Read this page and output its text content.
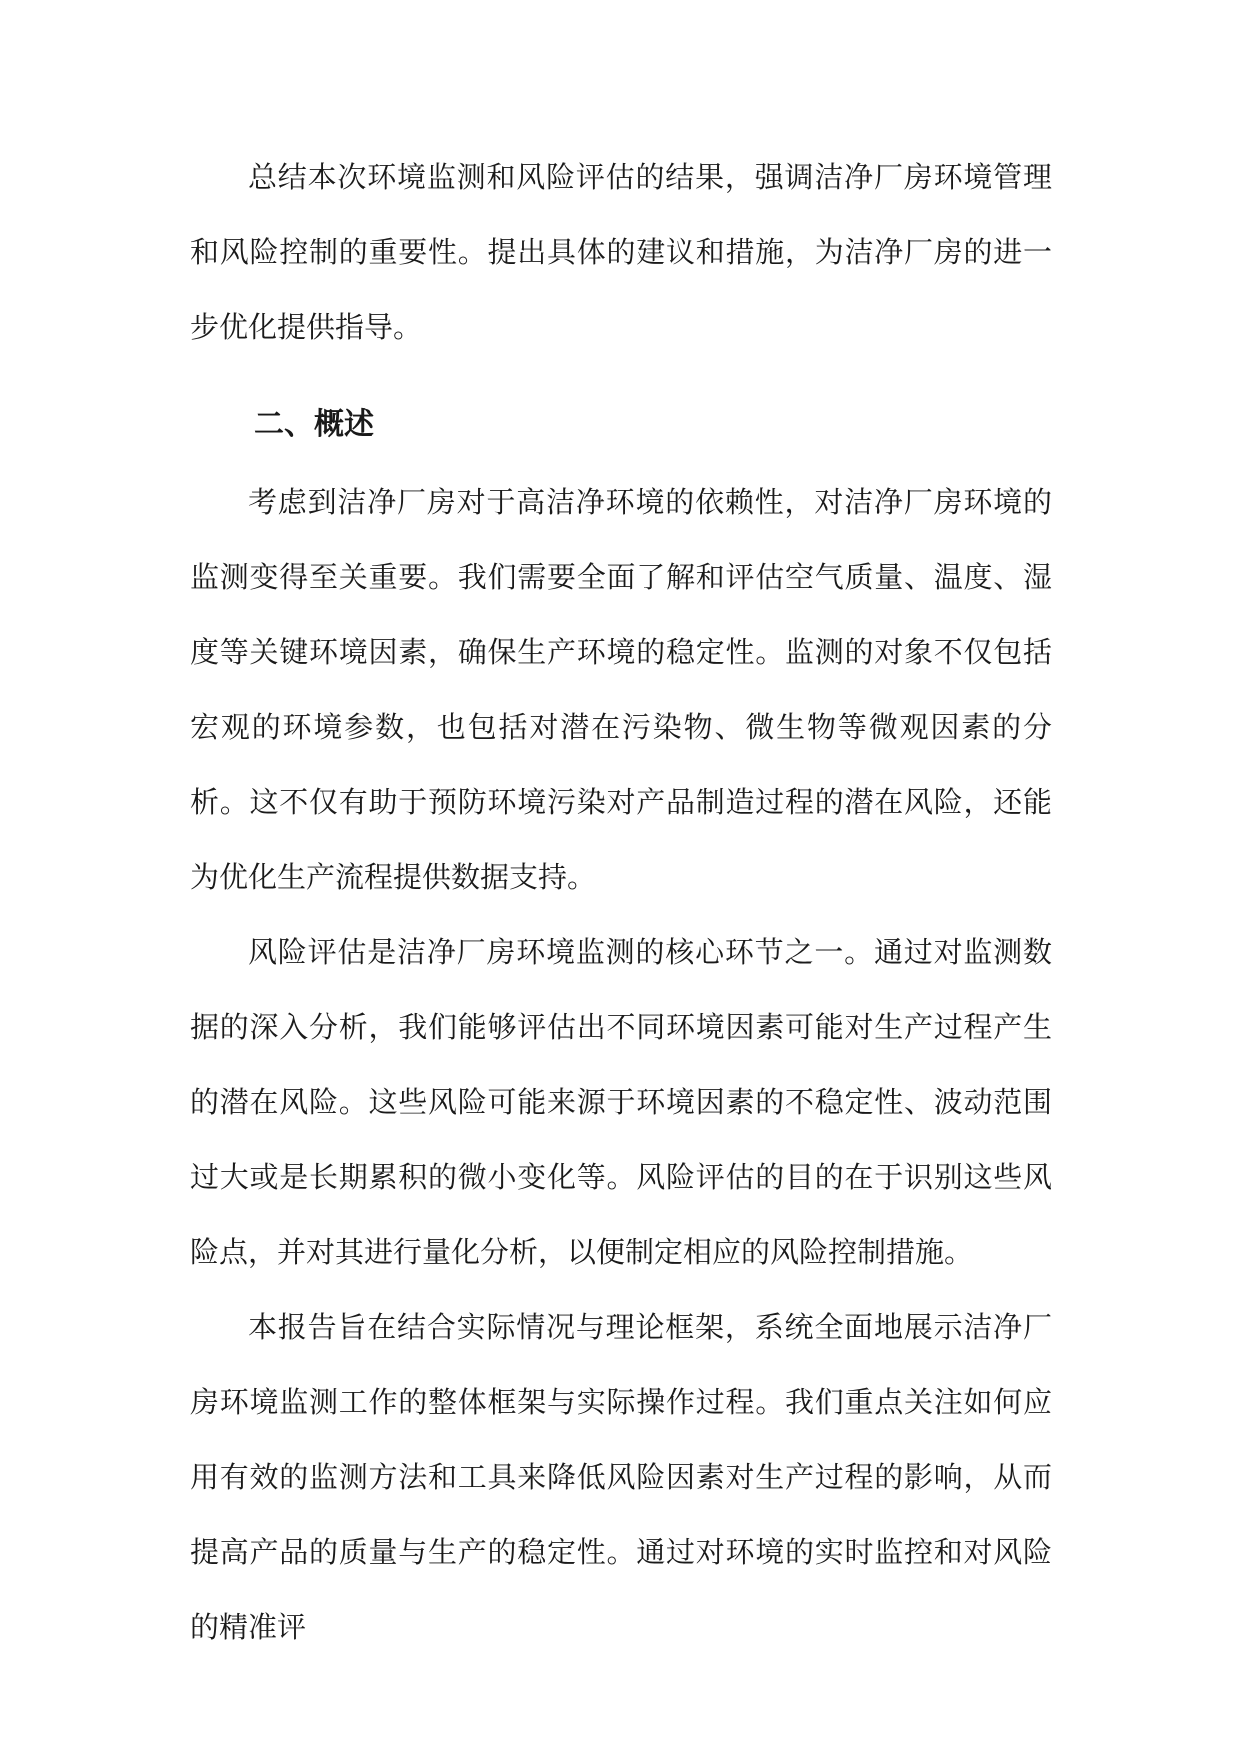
总结本次环境监测和风险评估的结果，强调洁净厂房环境管理和风险控制的重要性。提出具体的建议和措施，为洁净厂房的进一步优化提供指导。

二、概述

考虑到洁净厂房对于高洁净环境的依赖性，对洁净厂房环境的监测变得至关重要。我们需要全面了解和评估空气质量、温度、湿度等关键环境因素，确保生产环境的稳定性。监测的对象不仅包括宏观的环境参数，也包括对潜在污染物、微生物等微观因素的分析。这不仅有助于预防环境污染对产品制造过程的潜在风险，还能为优化生产流程提供数据支持。

风险评估是洁净厂房环境监测的核心环节之一。通过对监测数据的深入分析，我们能够评估出不同环境因素可能对生产过程产生的潜在风险。这些风险可能来源于环境因素的不稳定性、波动范围过大或是长期累积的微小变化等。风险评估的目的在于识别这些风险点，并对其进行量化分析，以便制定相应的风险控制措施。

本报告旨在结合实际情况与理论框架，系统全面地展示洁净厂房环境监测工作的整体框架与实际操作过程。我们重点关注如何应用有效的监测方法和工具来降低风险因素对生产过程的影响，从而提高产品的质量与生产的稳定性。通过对环境的实时监控和对风险的精准评
